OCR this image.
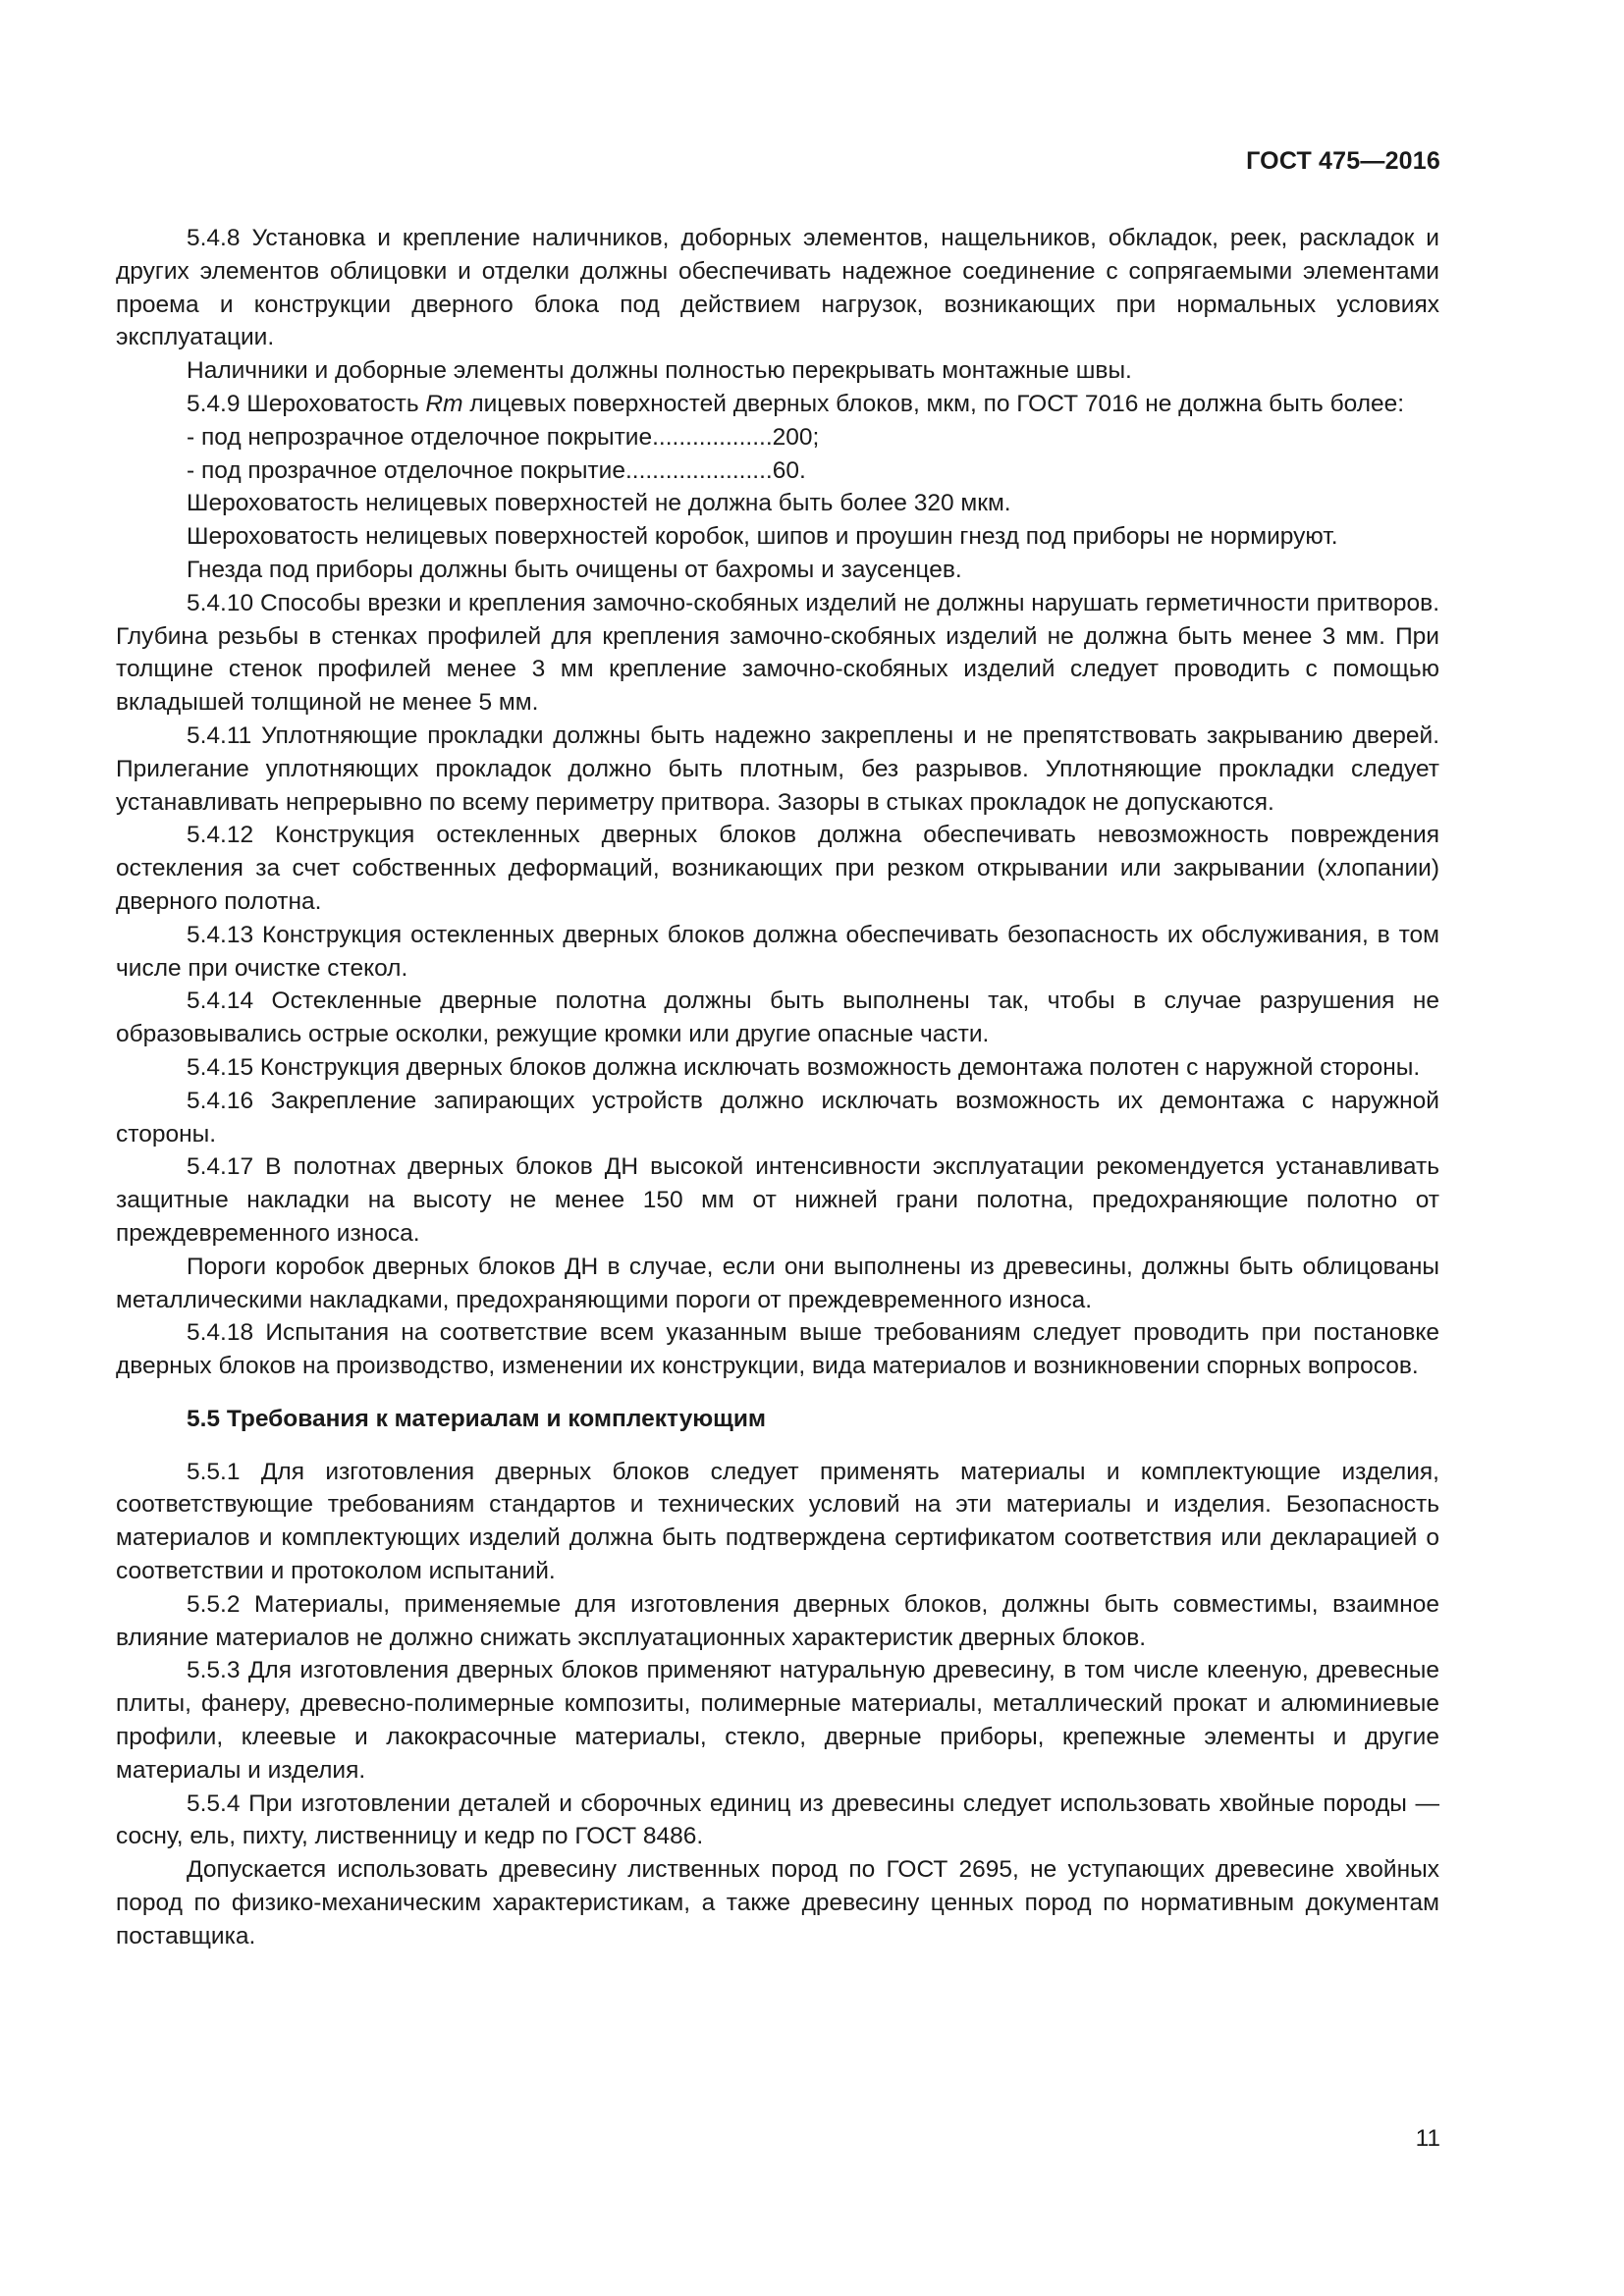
ГОСТ 475—2016

5.4.8 Установка и крепление наличников, доборных элементов, нащельников, обкладок, реек, раскладок и других элементов облицовки и отделки должны обеспечивать надежное соединение с сопрягаемыми элементами проема и конструкции дверного блока под действием нагрузок, возникающих при нормальных условиях эксплуатации.

Наличники и доборные элементы должны полностью перекрывать монтажные швы.

5.4.9 Шероховатость Rm лицевых поверхностей дверных блоков, мкм, по ГОСТ 7016 не должна быть более:

- под непрозрачное отделочное покрытие..................200;
- под прозрачное отделочное покрытие......................60.

Шероховатость нелицевых поверхностей не должна быть более 320 мкм.

Шероховатость нелицевых поверхностей коробок, шипов и проушин гнезд под приборы не нормируют.

Гнезда под приборы должны быть очищены от бахромы и заусенцев.

5.4.10 Способы врезки и крепления замочно-скобяных изделий не должны нарушать герметичности притворов. Глубина резьбы в стенках профилей для крепления замочно-скобяных изделий не должна быть менее 3 мм. При толщине стенок профилей менее 3 мм крепление замочно-скобяных изделий следует проводить с помощью вкладышей толщиной не менее 5 мм.

5.4.11 Уплотняющие прокладки должны быть надежно закреплены и не препятствовать закрыванию дверей. Прилегание уплотняющих прокладок должно быть плотным, без разрывов. Уплотняющие прокладки следует устанавливать непрерывно по всему периметру притвора. Зазоры в стыках прокладок не допускаются.

5.4.12 Конструкция остекленных дверных блоков должна обеспечивать невозможность повреждения остекления за счет собственных деформаций, возникающих при резком открывании или закрывании (хлопании) дверного полотна.

5.4.13 Конструкция остекленных дверных блоков должна обеспечивать безопасность их обслуживания, в том числе при очистке стекол.

5.4.14 Остекленные дверные полотна должны быть выполнены так, чтобы в случае разрушения не образовывались острые осколки, режущие кромки или другие опасные части.

5.4.15 Конструкция дверных блоков должна исключать возможность демонтажа полотен с наружной стороны.

5.4.16 Закрепление запирающих устройств должно исключать возможность их демонтажа с наружной стороны.

5.4.17 В полотнах дверных блоков ДН высокой интенсивности эксплуатации рекомендуется устанавливать защитные накладки на высоту не менее 150 мм от нижней грани полотна, предохраняющие полотно от преждевременного износа.

Пороги коробок дверных блоков ДН в случае, если они выполнены из древесины, должны быть облицованы металлическими накладками, предохраняющими пороги от преждевременного износа.

5.4.18 Испытания на соответствие всем указанным выше требованиям следует проводить при постановке дверных блоков на производство, изменении их конструкции, вида материалов и возникновении спорных вопросов.

5.5 Требования к материалам и комплектующим

5.5.1 Для изготовления дверных блоков следует применять материалы и комплектующие изделия, соответствующие требованиям стандартов и технических условий на эти материалы и изделия. Безопасность материалов и комплектующих изделий должна быть подтверждена сертификатом соответствия или декларацией о соответствии и протоколом испытаний.

5.5.2 Материалы, применяемые для изготовления дверных блоков, должны быть совместимы, взаимное влияние материалов не должно снижать эксплуатационных характеристик дверных блоков.

5.5.3 Для изготовления дверных блоков применяют натуральную древесину, в том числе клееную, древесные плиты, фанеру, древесно-полимерные композиты, полимерные материалы, металлический прокат и алюминиевые профили, клеевые и лакокрасочные материалы, стекло, дверные приборы, крепежные элементы и другие материалы и изделия.

5.5.4 При изготовлении деталей и сборочных единиц из древесины следует использовать хвойные породы — сосну, ель, пихту, лиственницу и кедр по ГОСТ 8486.

Допускается использовать древесину лиственных пород по ГОСТ 2695, не уступающих древесине хвойных пород по физико-механическим характеристикам, а также древесину ценных пород по нормативным документам поставщика.

11
